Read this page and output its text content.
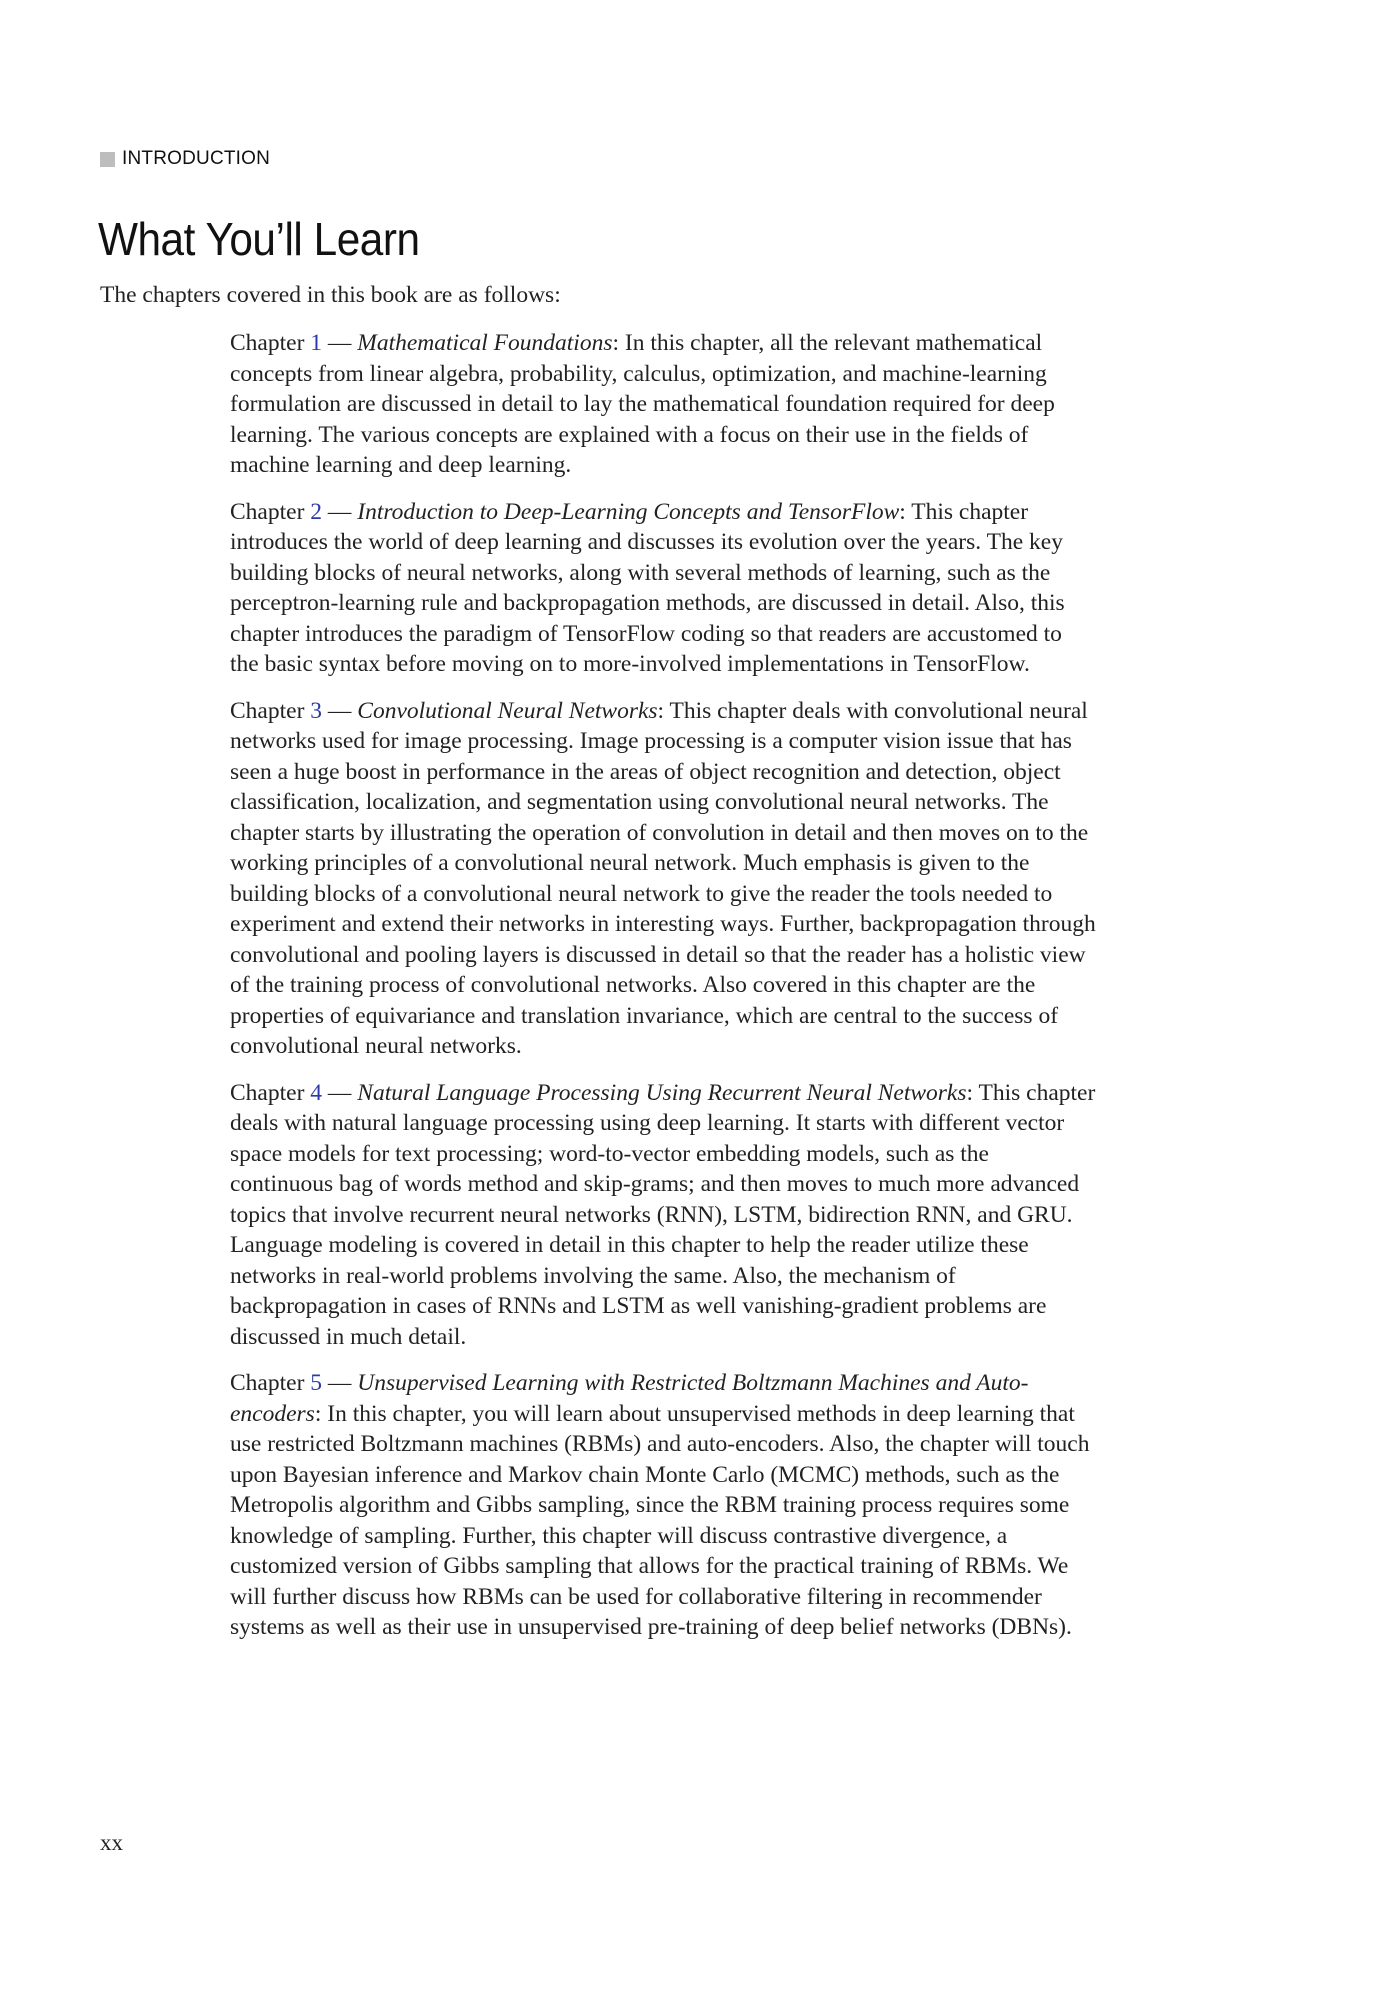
INTRODUCTION
What You’ll Learn

The chapters covered in this book are as follows:

Chapter 1 — Mathematical Foundations: In this chapter, all the relevant mathematical concepts from linear algebra, probability, calculus, optimization, and machine-learning formulation are discussed in detail to lay the mathematical foundation required for deep learning. The various concepts are explained with a focus on their use in the fields of machine learning and deep learning.

Chapter 2 — Introduction to Deep-Learning Concepts and TensorFlow: This chapter introduces the world of deep learning and discusses its evolution over the years. The key building blocks of neural networks, along with several methods of learning, such as the perceptron-learning rule and backpropagation methods, are discussed in detail. Also, this chapter introduces the paradigm of TensorFlow coding so that readers are accustomed to the basic syntax before moving on to more-involved implementations in TensorFlow.

Chapter 3 — Convolutional Neural Networks: This chapter deals with convolutional neural networks used for image processing. Image processing is a computer vision issue that has seen a huge boost in performance in the areas of object recognition and detection, object classification, localization, and segmentation using convolutional neural networks. The chapter starts by illustrating the operation of convolution in detail and then moves on to the working principles of a convolutional neural network. Much emphasis is given to the building blocks of a convolutional neural network to give the reader the tools needed to experiment and extend their networks in interesting ways. Further, backpropagation through convolutional and pooling layers is discussed in detail so that the reader has a holistic view of the training process of convolutional networks. Also covered in this chapter are the properties of equivariance and translation invariance, which are central to the success of convolutional neural networks.

Chapter 4 — Natural Language Processing Using Recurrent Neural Networks: This chapter deals with natural language processing using deep learning. It starts with different vector space models for text processing; word-to-vector embedding models, such as the continuous bag of words method and skip-grams; and then moves to much more advanced topics that involve recurrent neural networks (RNN), LSTM, bidirection RNN, and GRU. Language modeling is covered in detail in this chapter to help the reader utilize these networks in real-world problems involving the same. Also, the mechanism of backpropagation in cases of RNNs and LSTM as well vanishing-gradient problems are discussed in much detail.

Chapter 5 — Unsupervised Learning with Restricted Boltzmann Machines and Auto-encoders: In this chapter, you will learn about unsupervised methods in deep learning that use restricted Boltzmann machines (RBMs) and auto-encoders. Also, the chapter will touch upon Bayesian inference and Markov chain Monte Carlo (MCMC) methods, such as the Metropolis algorithm and Gibbs sampling, since the RBM training process requires some knowledge of sampling. Further, this chapter will discuss contrastive divergence, a customized version of Gibbs sampling that allows for the practical training of RBMs. We will further discuss how RBMs can be used for collaborative filtering in recommender systems as well as their use in unsupervised pre-training of deep belief networks (DBNs).

xx
